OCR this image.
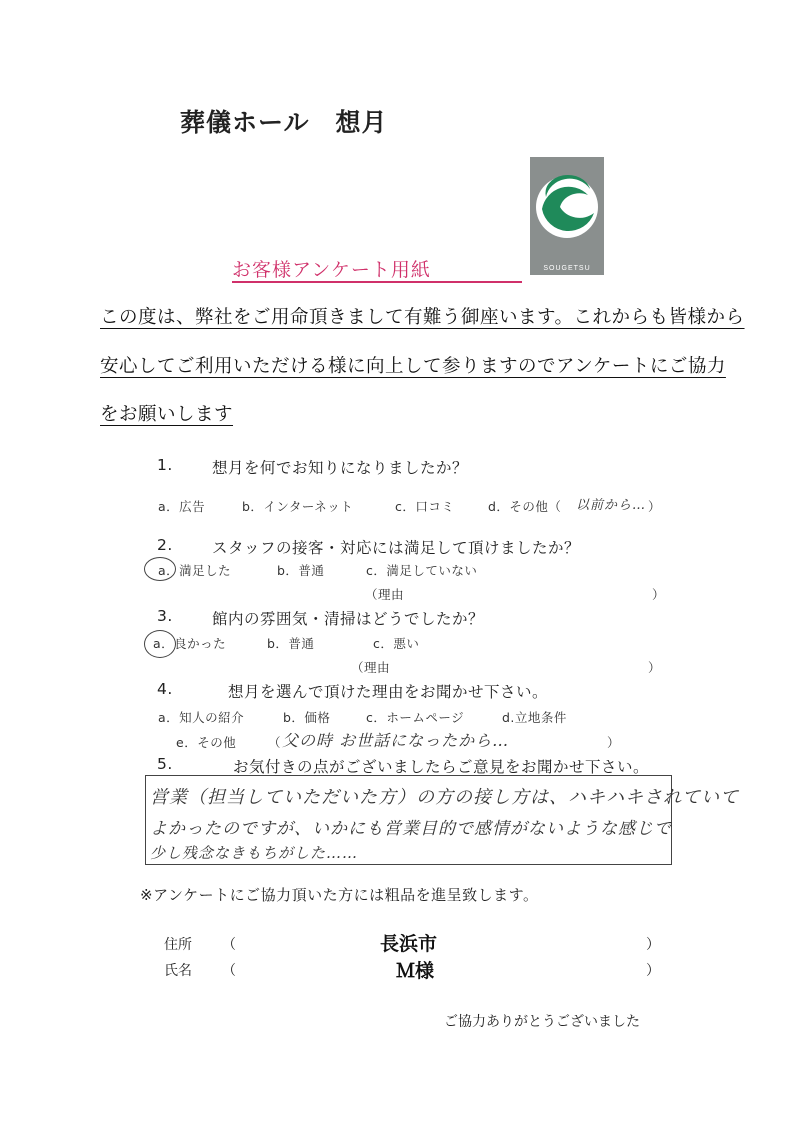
葬儀ホール　想月
SOUGETSU
お客様アンケート用紙
この度は、弊社をご用命頂きまして有難う御座います。これからも皆様から
安心してご利用いただける様に向上して参りますのでアンケートにご協力
をお願いします
1.	想月を何でお知りになりましたか？
a．広告	b．インターネット	c．口コミ	d．その他（ 以前から… ）
2.	スタッフの接客・対応には満足して頂けましたか？
a．満足した	b．普通	c．満足していない
（理由	）
3.	館内の雰囲気・清掃はどうでしたか？
a．良かった	b．普通	c．悪い
（理由	）
4.	想月を選んで頂けた理由をお聞かせ下さい。
a．知人の紹介	b．価格	c．ホームページ	d.立地条件
e．その他	（ 父の時 お世話になったから…	）
5.	お気付きの点がございましたらご意見をお聞かせ下さい。
営業（担当していただいた方）の方の接し方は、ハキハキされていて
よかったのですが、いかにも営業目的で感情がないような感じで
少し残念なきもちがした……
※アンケートにご協力頂いた方には粗品を進呈致します。
住所 （	長浜市	）
氏名 （	Ｍ様	）
ご協力ありがとうございました
